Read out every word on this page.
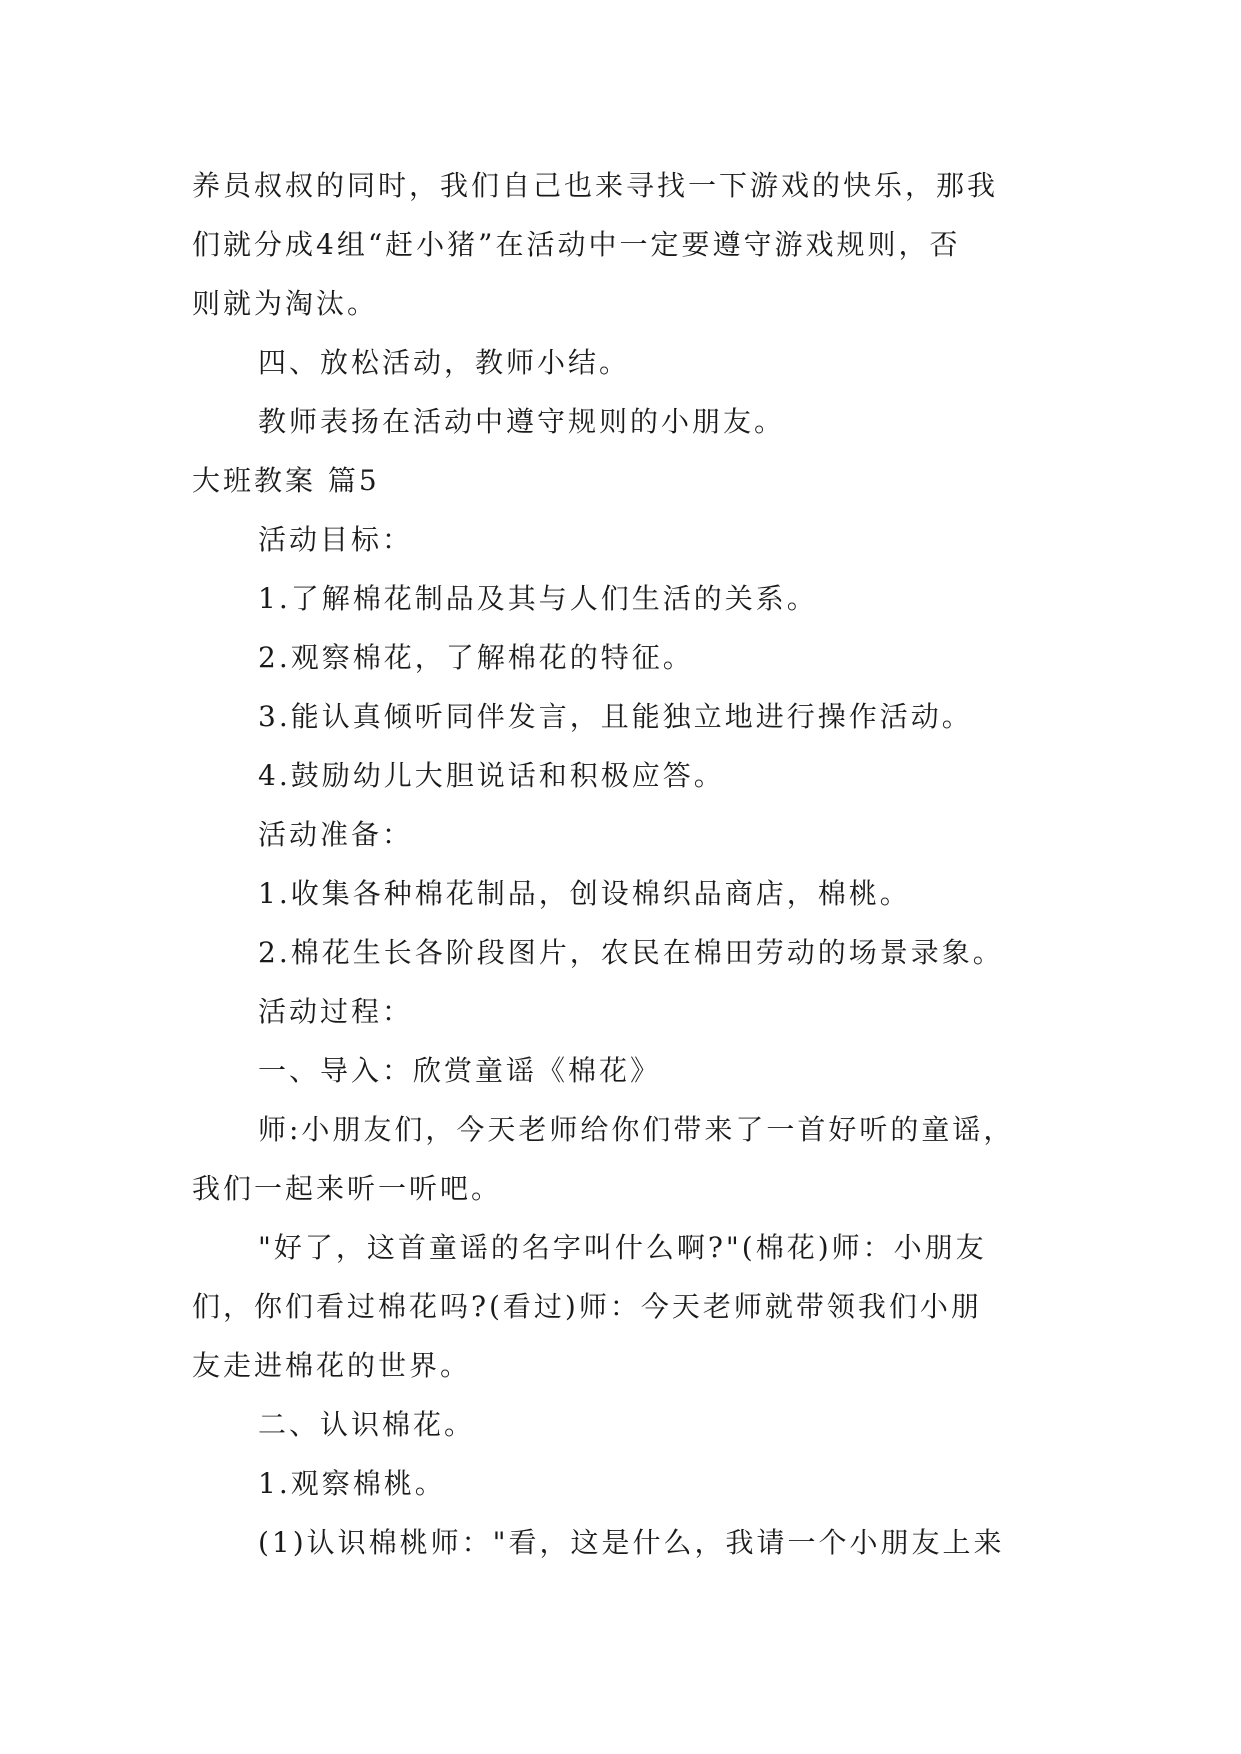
养员叔叔的同时，我们自己也来寻找一下游戏的快乐，那我
们就分成4组“赶小猪”在活动中一定要遵守游戏规则，否
则就为淘汰。
四、放松活动，教师小结。
教师表扬在活动中遵守规则的小朋友。
大班教案 篇5
活动目标：
1.了解棉花制品及其与人们生活的关系。
2.观察棉花，了解棉花的特征。
3.能认真倾听同伴发言，且能独立地进行操作活动。
4.鼓励幼儿大胆说话和积极应答。
活动准备：
1.收集各种棉花制品，创设棉织品商店，棉桃。
2.棉花生长各阶段图片，农民在棉田劳动的场景录象。
活动过程：
一、导入：欣赏童谣《棉花》
师:小朋友们，今天老师给你们带来了一首好听的童谣，
我们一起来听一听吧。
"好了，这首童谣的名字叫什么啊?"(棉花)师：小朋友
们，你们看过棉花吗?(看过)师：今天老师就带领我们小朋
友走进棉花的世界。
二、认识棉花。
1.观察棉桃。
(1)认识棉桃师："看，这是什么，我请一个小朋友上来
